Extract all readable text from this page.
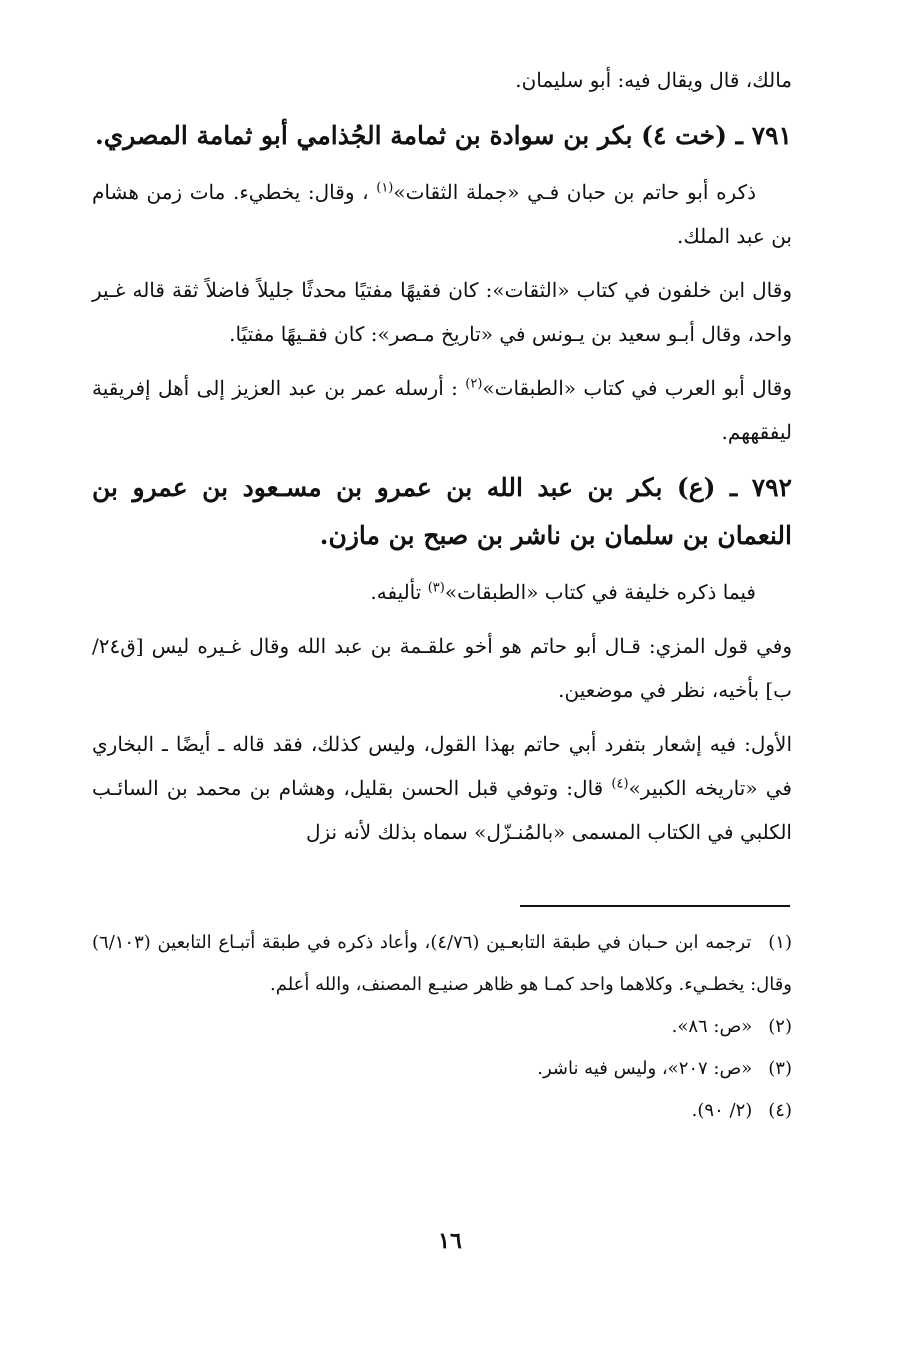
مالك، قال ويقال فيه: أبو سليمان.

٧٩١ ـ (خت ٤) بكر بن سوادة بن ثمامة الجُذامي أبو ثمامة المصري.

ذكره أبو حاتم بن حبان فـي «جملة الثقات»$^{(١)}$ ، وقال: يخطيء. مات زمن هشام بن عبد الملك.

وقال ابن خلفون في كتاب «الثقات»: كان فقيهًا مفتيًا محدثًا جليلاً فاضلاً ثقة قاله غـير واحد، وقال أبـو سعيد بن يـونس في «تاريخ مـصر»: كان فقـيهًا مفتيًا.

وقال أبو العرب في كتاب «الطبقات»$^{(٢)}$ : أرسله عمر بن عبد العزيز إلى أهل إفريقية ليفقههم.

٧٩٢ ـ (ع) بكر بن عبد الله بن عمرو بن مسـعود بن عمرو بن النعمان بن سلمان بن ناشر بن صبح بن مازن.

فيما ذكره خليفة في كتاب «الطبقات»$^{(٣)}$ تأليفه.

وفي قول المزي: قـال أبو حاتم هو أخو علقـمة بن عبد الله وقال غـيره ليس [ق٢٤/ب] بأخيه، نظر في موضعين.

الأول: فيه إشعار بتفرد أبي حاتم بهذا القول، وليس كذلك، فقد قاله ـ أيضًا ـ البخاري في «تاريخه الكبير»$^{(٤)}$ قال: وتوفي قبل الحسن بقليل، وهشام بن محمد بن السائـب الكلبي في الكتاب المسمى «بالمُنـزّل» سماه بذلك لأنه نزل

(١) ترجمه ابن حـبان في طبقة التابعـين (٤/٧٦)، وأعاد ذكره في طبقة أتبـاع التابعين (٦/١٠٣) وقال: يخطـيء. وكلاهما واحد كمـا هو ظاهر صنيـع المصنف، والله أعلم.
(٢) «ص: ٨٦».
(٣) «ص: ٢٠٧»، وليس فيه ناشر.
(٤) (٢/ ٩٠).
١٦
